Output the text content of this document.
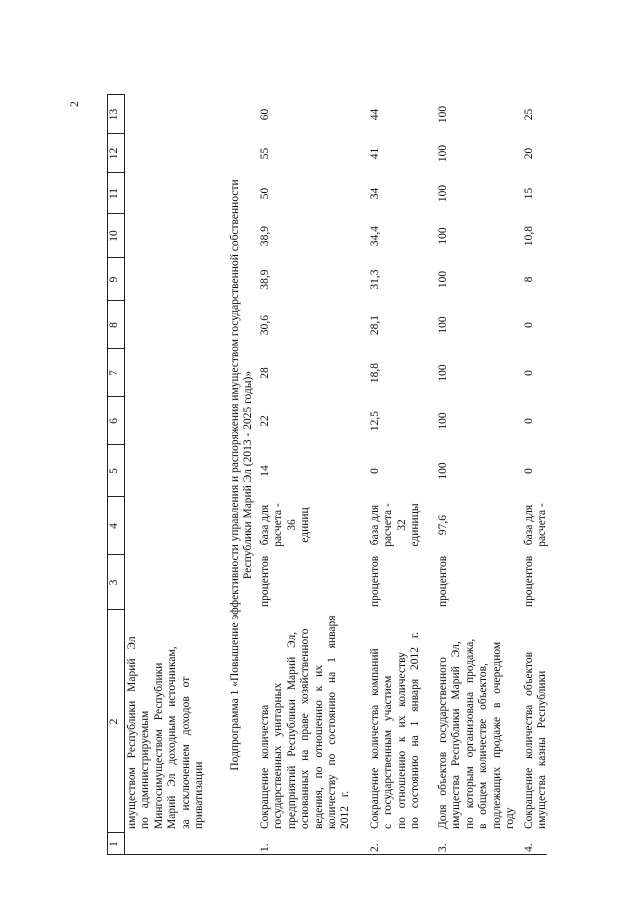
2
1
2
3
4
5
6
7
8
9
10
11
12
13
имуществом Республики Марий Эл по администрируемым Мингосимуществом Республики Марий Эл доходным источникам, за исключением доходов от приватизации
Подпрограмма 1 «Повышение эффективности управления и распоряжения имуществом государственной собственности Республики Марий Эл (2013 - 2025 годы)»
1.
Сокращение количества государственных унитарных предприятий Республики Марий Эл, основанных на праве хозяйственного ведения, по отношению к их количеству по состоянию на 1 января 2012 г.
процентов
база для расчета - 36 единиц
14
22
28
30,6
38,9
38,9
50
55
60
2.
Сокращение количества компаний с государственным участием по отношению к их количеству по состоянию на 1 января 2012 г.
процентов
база для расчета - 32 единицы
0
12,5
18,8
28,1
31,3
34,4
34
41
44
3.
Доля объектов государственного имущества Республики Марий Эл, по которым организована продажа, в общем количестве объектов, подлежащих продаже в очередном году
процентов
97,6
100
100
100
100
100
100
100
100
100
4.
Сокращение количества объектов имущества казны Республики
процентов
база для расчета -
0
0
0
0
8
10,8
15
20
25
